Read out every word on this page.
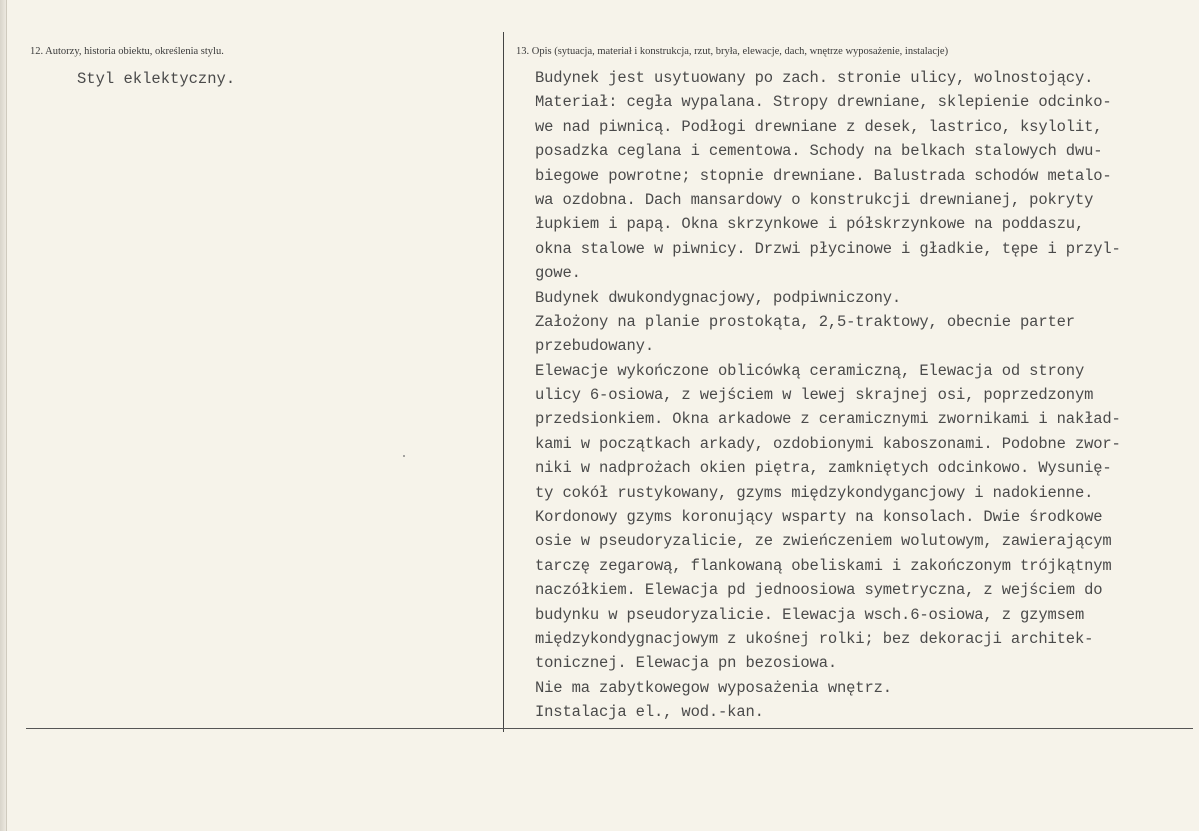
12. Autorzy, historia obiektu, określenia stylu.	13. Opis (sytuacja, materiał i konstrukcja, rzut, bryła, elewacje, dach, wnętrze wyposażenie, instalacje)
Styl eklektyczny.	Budynek jest usytuowany po zach. stronie ulicy, wolnostojący.
Materiał: cegła wypalana. Stropy drewniane, sklepienie odcinko-
we nad piwnicą. Podłogi drewniane z desek, lastrico, ksylolit,
posadzka ceglana i cementowa. Schody na belkach stalowych dwu-
biegowe powrotne; stopnie drewniane. Balustrada schodów metalo-
wa ozdobna. Dach mansardowy o konstrukcji drewnianej, pokryty
łupkiem i papą. Okna skrzynkowe i półskrzynkowe na poddaszu,
okna stalowe w piwnicy. Drzwi płycinowe i gładkie, tępe i przyl-
gowe.
Budynek dwukondygnacjowy, podpiwniczony.
Założony na planie prostokąta, 2,5-traktowy, obecnie parter
przebudowany.
Elewacje wykończone oblicówką ceramiczną, Elewacja od strony
ulicy 6-osiowa, z wejściem w lewej skrajnej osi, poprzedzonym
przedsionkiem. Okna arkadowe z ceramicznymi zwornikami i nakład-
kami w początkach arkady, ozdobionymi kaboszonami. Podobne zwor-
niki w nadprożach okien piętra, zamkniętych odcinkowo. Wysunię-
ty cokół rustykowany, gzyms międzykondygancjowy i nadokienne.
Kordonowy gzyms koronujący wsparty na konsolach. Dwie środkowe
osie w pseudoryzalicie, ze zwieńczeniem wolutowym, zawierającym
tarczę zegarową, flankowaną obeliskami i zakończonym trójkątnym
naczółkiem. Elewacja pd jednoosiowa symetryczna, z wejściem do
budynku w pseudoryzalicie. Elewacja wsch.6-osiowa, z gzymsem
międzykondygnacjowym z ukośnej rolki; bez dekoracji architek-
tonicznej. Elewacja pn bezosiowa.
Nie ma zabytkowegow wyposażenia wnętrz.
Instalacja el., wod.-kan.
